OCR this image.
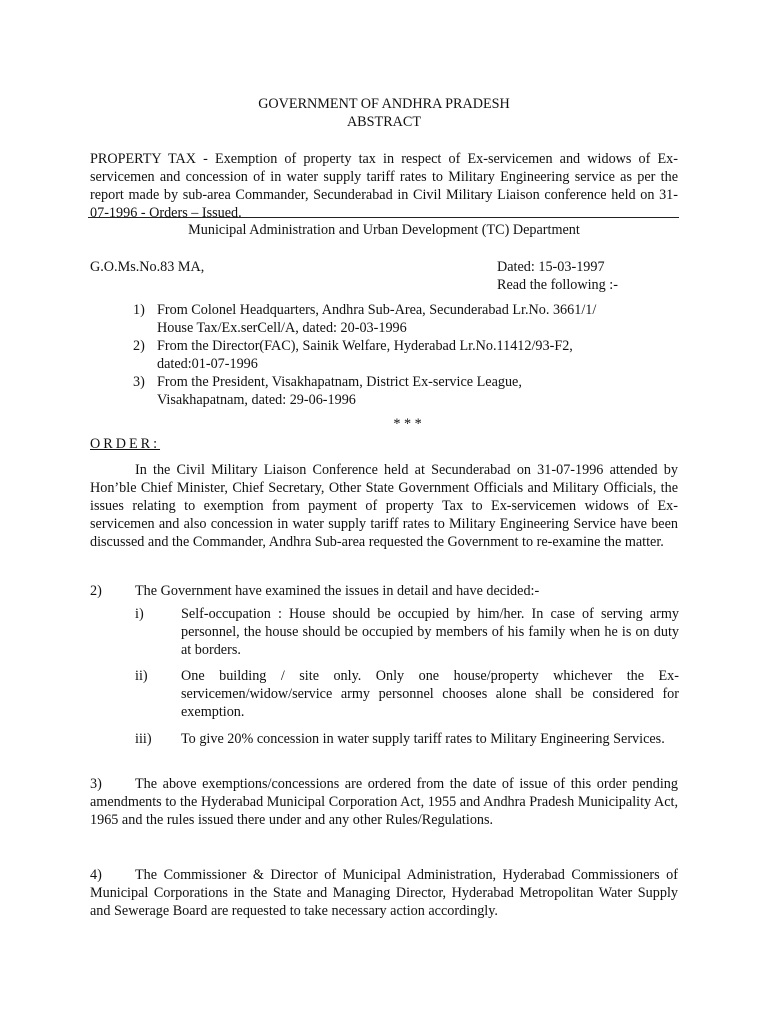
GOVERNMENT OF ANDHRA PRADESH
ABSTRACT

PROPERTY TAX - Exemption of property tax in respect of Ex-servicemen and widows of Ex-servicemen and concession of in water supply tariff rates to Military Engineering service as per the report made by sub-area Commander, Secunderabad in Civil Military Liaison conference held on 31-07-1996 - Orders – Issued.

Municipal Administration and Urban Development (TC) Department
G.O.Ms.No.83 MA,	Dated: 15-03-1997
Read the following :-
1) From Colonel Headquarters, Andhra Sub-Area, Secunderabad Lr.No. 3661/1/ House Tax/Ex.serCell/A, dated: 20-03-1996
2) From the Director(FAC), Sainik Welfare, Hyderabad Lr.No.11412/93-F2, dated:01-07-1996
3) From the President, Visakhapatnam, District Ex-service League, Visakhapatnam, dated: 29-06-1996
* * *
ORDER:

In the Civil Military Liaison Conference held at Secunderabad on 31-07-1996 attended by Hon’ble Chief Minister, Chief Secretary, Other State Government Officials and Military Officials, the issues relating to exemption from payment of property Tax to Ex-servicemen widows of Ex-servicemen and also concession in water supply tariff rates to Military Engineering Service have been discussed and the Commander, Andhra Sub-area requested the Government to re-examine the matter.

2) The Government have examined the issues in detail and have decided:-
i)	Self-occupation : House should be occupied by him/her. In case of serving army personnel, the house should be occupied by members of his family when he is on duty at borders.
ii)	One building / site only. Only one house/property whichever the Ex-servicemen/widow/service army personnel chooses alone shall be considered for exemption.
iii)	To give 20% concession in water supply tariff rates to Military Engineering Services.

3) The above exemptions/concessions are ordered from the date of issue of this order pending amendments to the Hyderabad Municipal Corporation Act, 1955 and Andhra Pradesh Municipality Act, 1965 and the rules issued there under and any other Rules/Regulations.

4) The Commissioner & Director of Municipal Administration, Hyderabad Commissioners of Municipal Corporations in the State and Managing Director, Hyderabad Metropolitan Water Supply and Sewerage Board are requested to take necessary action accordingly.
